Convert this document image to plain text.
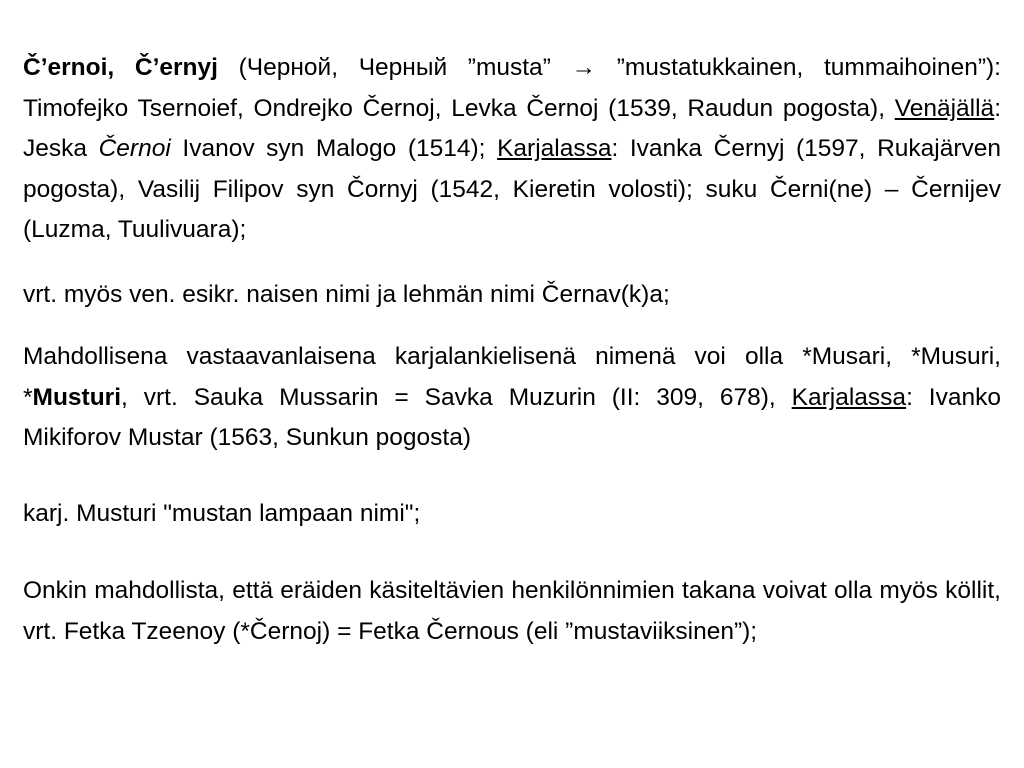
Čʼernoi, Čʼernyj (Черной, Черный ”musta” → ”mustatukkainen, tummaihoinen”): Timofejko Tsernoief, Ondrejko Černoj, Levka Černoj (1539, Raudun pogosta), Venäjällä: Jeska Černoi Ivanov syn Malogo (1514); Karjalassa: Ivanka Černyj (1597, Rukajärven pogosta), Vasilij Filipov syn Čornyj (1542, Kieretin volosti); suku Černi(ne) – Černijev (Luzma, Tuulivuara);

vrt. myös ven. esikr. naisen nimi ja lehmän nimi Černav(k)a;

Mahdollisena vastaavanlaisena karjalankielisenä nimenä voi olla *Musari, *Musuri, *Musturi, vrt. Sauka Mussarin = Savka Muzurin (II: 309, 678), Karjalassa: Ivanko Mikiforov Mustar (1563, Sunkun pogosta)

karj. Musturi "mustan lampaan nimi";

Onkin mahdollista, että eräiden käsiteltävien henkilönnimien takana voivat olla myös köllit, vrt. Fetka Tzeenoy (*Černoj) = Fetka Černous (eli ”mustaviiksinen”);
